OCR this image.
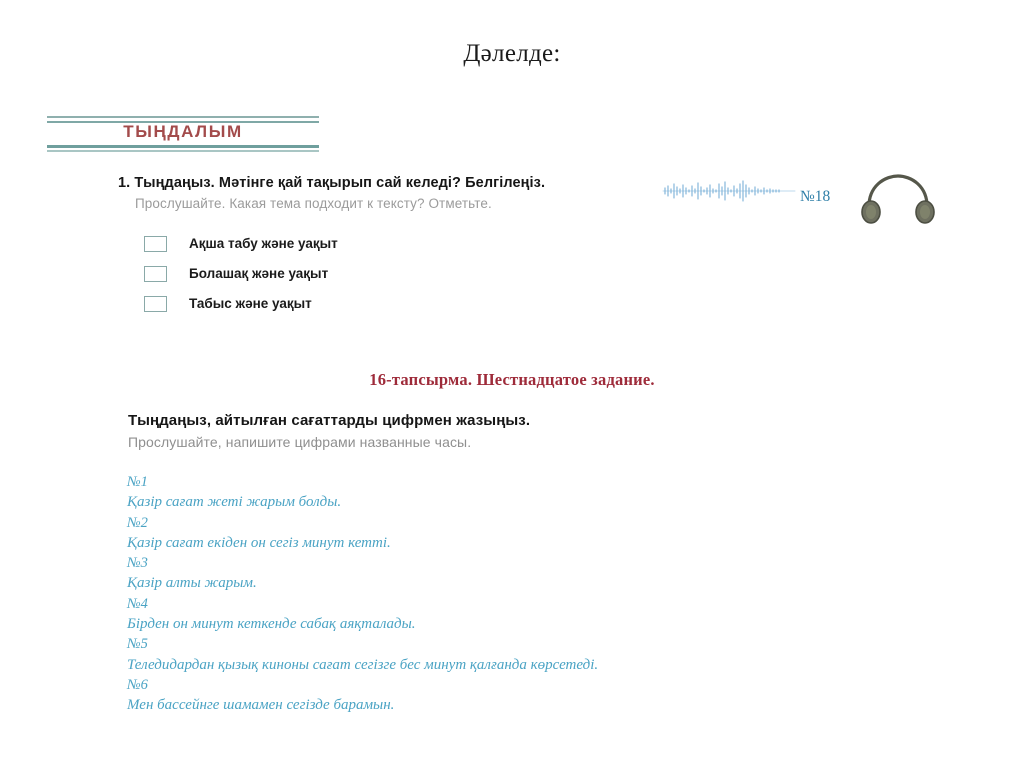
Дәлелде:
ТЫҢДАЛЫМ
1. Тыңдаңыз. Мәтінге қай тақырып сай келеді? Белгілеңіз.
Прослушайте. Какая тема подходит к тексту? Отметьте.	№18
Ақша табу және уақыт
Болашақ және уақыт
Табыс және уақыт
16-тапсырма. Шестнадцатое задание.
Тыңдаңыз, айтылған сағаттарды цифрмен жазыңыз.
Прослушайте, напишите цифрами названные часы.
№1
Қазір сағат жеті жарым болды.
№2
Қазір сағат екіден он сегіз минут кетті.
№3
Қазір алты жарым.
№4
Бірден он минут кеткенде сабақ аяқталады.
№5
Теледидардан қызық киноны сағат сегізге бес минут қалғанда көрсетеді.
№6
Мен бассейнге шамамен сегізде барамын.
